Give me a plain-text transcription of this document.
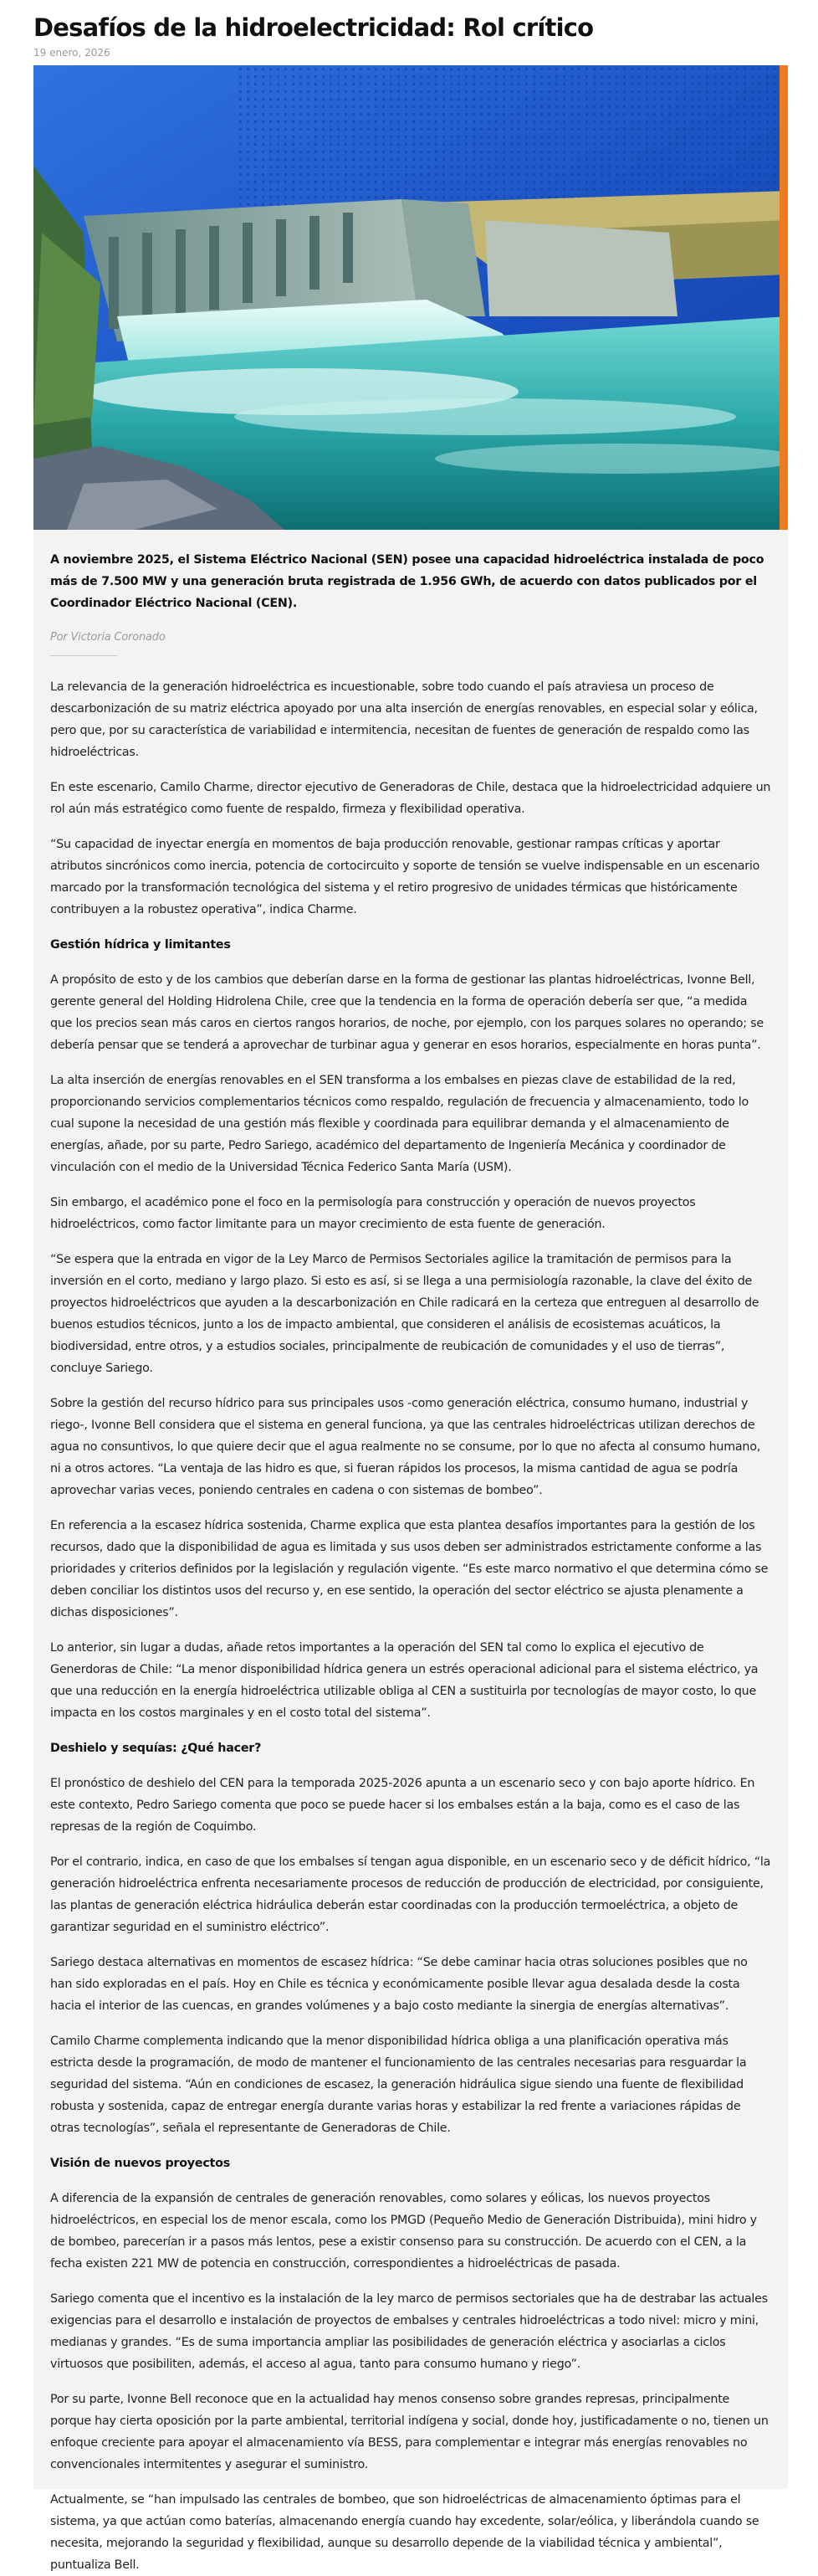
Desafíos de la hidroelectricidad: Rol crítico
19 enero, 2026

A noviembre 2025, el Sistema Eléctrico Nacional (SEN) posee una capacidad hidroeléctrica instalada de poco más de 7.500 MW y una generación bruta registrada de 1.956 GWh, de acuerdo con datos publicados por el Coordinador Eléctrico Nacional (CEN).

Por Victoria Coronado

La relevancia de la generación hidroeléctrica es incuestionable, sobre todo cuando el país atraviesa un proceso de descarbonización de su matriz eléctrica apoyado por una alta inserción de energías renovables, en especial solar y eólica, pero que, por su característica de variabilidad e intermitencia, necesitan de fuentes de generación de respaldo como las hidroeléctricas.

En este escenario, Camilo Charme, director ejecutivo de Generadoras de Chile, destaca que la hidroelectricidad adquiere un rol aún más estratégico como fuente de respaldo, firmeza y flexibilidad operativa.

“Su capacidad de inyectar energía en momentos de baja producción renovable, gestionar rampas críticas y aportar atributos sincrónicos como inercia, potencia de cortocircuito y soporte de tensión se vuelve indispensable en un escenario marcado por la transformación tecnológica del sistema y el retiro progresivo de unidades térmicas que históricamente contribuyen a la robustez operativa”, indica Charme.

Gestión hídrica y limitantes

A propósito de esto y de los cambios que deberían darse en la forma de gestionar las plantas hidroeléctricas, Ivonne Bell, gerente general del Holding Hidrolena Chile, cree que la tendencia en la forma de operación debería ser que, “a medida que los precios sean más caros en ciertos rangos horarios, de noche, por ejemplo, con los parques solares no operando; se debería pensar que se tenderá a aprovechar de turbinar agua y generar en esos horarios, especialmente en horas punta”.

La alta inserción de energías renovables en el SEN transforma a los embalses en piezas clave de estabilidad de la red, proporcionando servicios complementarios técnicos como respaldo, regulación de frecuencia y almacenamiento, todo lo cual supone la necesidad de una gestión más flexible y coordinada para equilibrar demanda y el almacenamiento de energías, añade, por su parte, Pedro Sariego, académico del departamento de Ingeniería Mecánica y coordinador de vinculación con el medio de la Universidad Técnica Federico Santa María (USM).

Sin embargo, el académico pone el foco en la permisología para construcción y operación de nuevos proyectos hidroeléctricos, como factor limitante para un mayor crecimiento de esta fuente de generación.

“Se espera que la entrada en vigor de la Ley Marco de Permisos Sectoriales agilice la tramitación de permisos para la inversión en el corto, mediano y largo plazo. Si esto es así, si se llega a una permisiología razonable, la clave del éxito de proyectos hidroeléctricos que ayuden a la descarbonización en Chile radicará en la certeza que entreguen al desarrollo de buenos estudios técnicos, junto a los de impacto ambiental, que consideren el análisis de ecosistemas acuáticos, la biodiversidad, entre otros, y a estudios sociales, principalmente de reubicación de comunidades y el uso de tierras”, concluye Sariego.

Sobre la gestión del recurso hídrico para sus principales usos -como generación eléctrica, consumo humano, industrial y riego-, Ivonne Bell considera que el sistema en general funciona, ya que las centrales hidroeléctricas utilizan derechos de agua no consuntivos, lo que quiere decir que el agua realmente no se consume, por lo que no afecta al consumo humano, ni a otros actores. “La ventaja de las hidro es que, si fueran rápidos los procesos, la misma cantidad de agua se podría aprovechar varias veces, poniendo centrales en cadena o con sistemas de bombeo”.

En referencia a la escasez hídrica sostenida, Charme explica que esta plantea desafíos importantes para la gestión de los recursos, dado que la disponibilidad de agua es limitada y sus usos deben ser administrados estrictamente conforme a las prioridades y criterios definidos por la legislación y regulación vigente. “Es este marco normativo el que determina cómo se deben conciliar los distintos usos del recurso y, en ese sentido, la operación del sector eléctrico se ajusta plenamente a dichas disposiciones”.

Lo anterior, sin lugar a dudas, añade retos importantes a la operación del SEN tal como lo explica el ejecutivo de Generdoras de Chile: “La menor disponibilidad hídrica genera un estrés operacional adicional para el sistema eléctrico, ya que una reducción en la energía hidroeléctrica utilizable obliga al CEN a sustituirla por tecnologías de mayor costo, lo que impacta en los costos marginales y en el costo total del sistema”.

Deshielo y sequías: ¿Qué hacer?

El pronóstico de deshielo del CEN para la temporada 2025-2026 apunta a un escenario seco y con bajo aporte hídrico. En este contexto, Pedro Sariego comenta que poco se puede hacer si los embalses están a la baja, como es el caso de las represas de la región de Coquimbo.

Por el contrario, indica, en caso de que los embalses sí tengan agua disponible, en un escenario seco y de déficit hídrico, “la generación hidroeléctrica enfrenta necesariamente procesos de reducción de producción de electricidad, por consiguiente, las plantas de generación eléctrica hidráulica deberán estar coordinadas con la producción termoeléctrica, a objeto de garantizar seguridad en el suministro eléctrico”.

Sariego destaca alternativas en momentos de escasez hídrica: “Se debe caminar hacia otras soluciones posibles que no han sido exploradas en el país. Hoy en Chile es técnica y económicamente posible llevar agua desalada desde la costa hacia el interior de las cuencas, en grandes volúmenes y a bajo costo mediante la sinergia de energías alternativas”.

Camilo Charme complementa indicando que la menor disponibilidad hídrica obliga a una planificación operativa más estricta desde la programación, de modo de mantener el funcionamiento de las centrales necesarias para resguardar la seguridad del sistema. “Aún en condiciones de escasez, la generación hidráulica sigue siendo una fuente de flexibilidad robusta y sostenida, capaz de entregar energía durante varias horas y estabilizar la red frente a variaciones rápidas de otras tecnologías”, señala el representante de Generadoras de Chile.

Visión de nuevos proyectos

A diferencia de la expansión de centrales de generación renovables, como solares y eólicas, los nuevos proyectos hidroeléctricos, en especial los de menor escala, como los PMGD (Pequeño Medio de Generación Distribuida), mini hidro y de bombeo, parecerían ir a pasos más lentos, pese a existir consenso para su construcción. De acuerdo con el CEN, a la fecha existen 221 MW de potencia en construcción, correspondientes a hidroeléctricas de pasada.

Sariego comenta que el incentivo es la instalación de la ley marco de permisos sectoriales que ha de destrabar las actuales exigencias para el desarrollo e instalación de proyectos de embalses y centrales hidroeléctricas a todo nivel: micro y mini, medianas y grandes. “Es de suma importancia ampliar las posibilidades de generación eléctrica y asociarlas a ciclos virtuosos que posibiliten, además, el acceso al agua, tanto para consumo humano y riego”.

Por su parte, Ivonne Bell reconoce que en la actualidad hay menos consenso sobre grandes represas, principalmente porque hay cierta oposición por la parte ambiental, territorial indígena y social, donde hoy, justificadamente o no, tienen un enfoque creciente para apoyar el almacenamiento vía BESS, para complementar e integrar más energías renovables no convencionales intermitentes y asegurar el suministro.

Actualmente, se “han impulsado las centrales de bombeo, que son hidroeléctricas de almacenamiento óptimas para el sistema, ya que actúan como baterías, almacenando energía cuando hay excedente, solar/eólica, y liberándola cuando se necesita, mejorando la seguridad y flexibilidad, aunque su desarrollo depende de la viabilidad técnica y ambiental”, puntualiza Bell.
